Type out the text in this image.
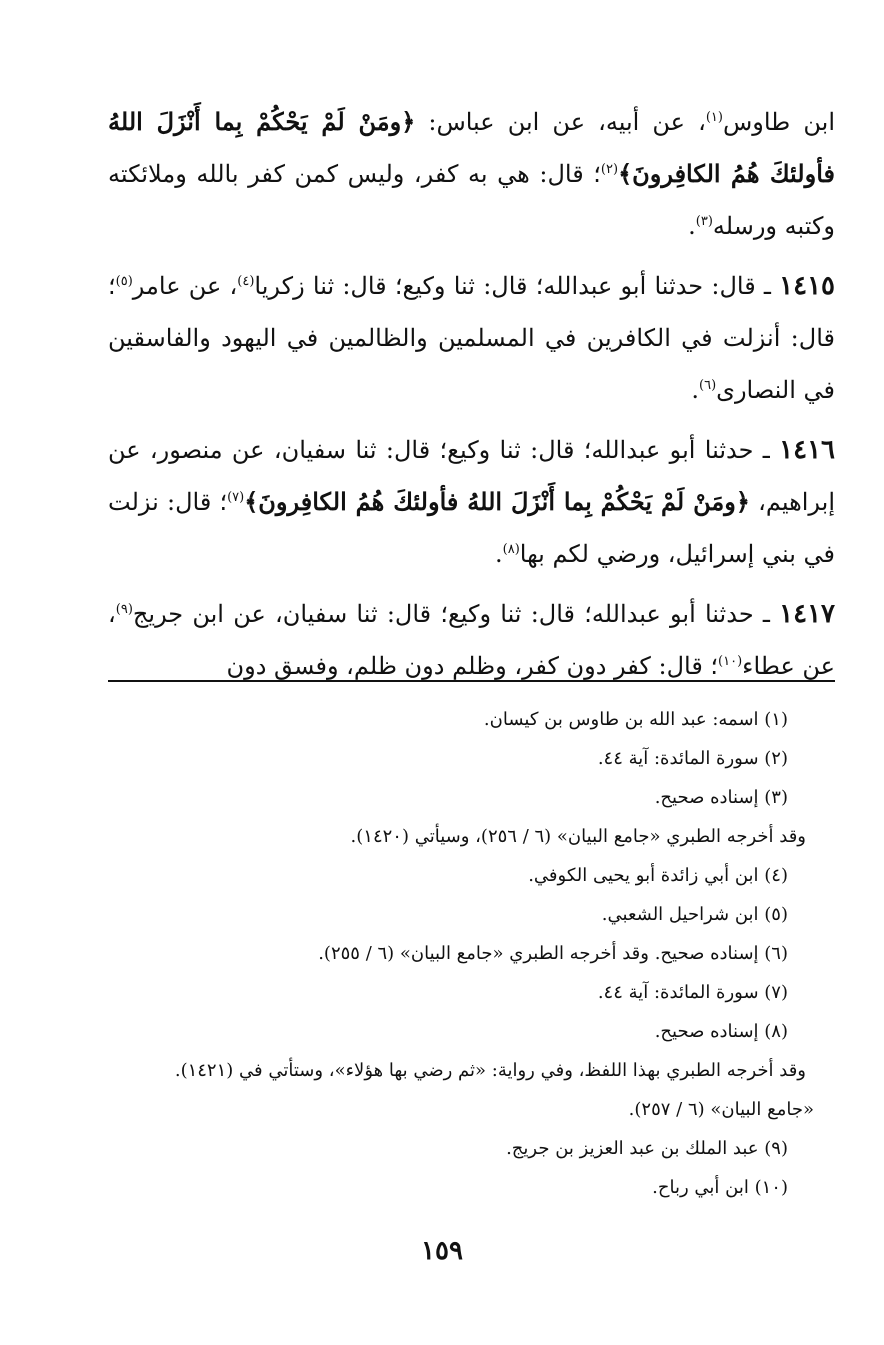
ابن طاوس$^{(١)}$، عن أبيه، عن ابن عباس: ﴿ومَنْ لَمْ يَحْكُمْ بِما أَنْزَلَ اللهُ فأولئكَ هُمُ الكافِرونَ﴾$^{(٢)}$؛ قال: هي به كفر، وليس كمن كفر بالله وملائكته وكتبه ورسله$^{(٣)}$.

١٤١٥ ـ قال: حدثنا أبو عبدالله؛ قال: ثنا وكيع؛ قال: ثنا زكريا$^{(٤)}$، عن عامر$^{(٥)}$؛ قال: أنزلت في الكافرين في المسلمين والظالمين في اليهود والفاسقين في النصارى$^{(٦)}$.

١٤١٦ ـ حدثنا أبو عبدالله؛ قال: ثنا وكيع؛ قال: ثنا سفيان، عن منصور، عن إبراهيم، ﴿ومَنْ لَمْ يَحْكُمْ بِما أَنْزَلَ اللهُ فأولئكَ هُمُ الكافِرونَ﴾$^{(٧)}$؛ قال: نزلت في بني إسرائيل، ورضي لكم بها$^{(٨)}$.

١٤١٧ ـ حدثنا أبو عبدالله؛ قال: ثنا وكيع؛ قال: ثنا سفيان، عن ابن جريج$^{(٩)}$، عن عطاء$^{(١٠)}$؛ قال: كفر دون كفر، وظلم دون ظلم، وفسق دون

(١) اسمه: عبد الله بن طاوس بن كيسان.

(٢) سورة المائدة: آية ٤٤.

(٣) إسناده صحيح.

وقد أخرجه الطبري «جامع البيان» (٦ / ٢٥٦)، وسيأتي (١٤٢٠).

(٤) ابن أبي زائدة أبو يحيى الكوفي.

(٥) ابن شراحيل الشعبي.

(٦) إسناده صحيح. وقد أخرجه الطبري «جامع البيان» (٦ / ٢٥٥).

(٧) سورة المائدة: آية ٤٤.

(٨) إسناده صحيح.

وقد أخرجه الطبري بهذا اللفظ، وفي رواية: «ثم رضي بها هؤلاء»، وستأتي في (١٤٢١).

«جامع البيان» (٦ / ٢٥٧).

(٩) عبد الملك بن عبد العزيز بن جريج.

(١٠) ابن أبي رباح.

١٥٩
